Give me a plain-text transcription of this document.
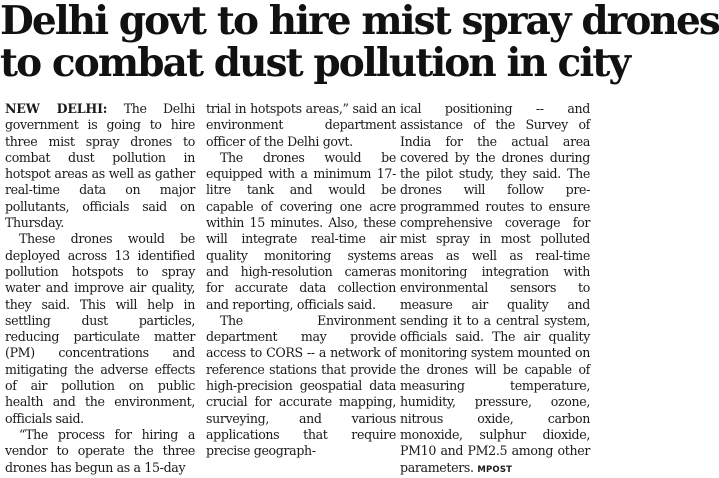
Delhi govt to hire mist spray drones
to combat dust pollution in city
NEW DELHI: The Delhi government is going to hire three mist spray drones to combat dust pollution in hotspot areas as well as gather real-time data on major pollutants, officials said on Thursday.
These drones would be deployed across 13 identified pollution hotspots to spray water and improve air quality, they said. This will help in settling dust particles, reducing particulate matter (PM) concentrations and mitigating the adverse effects of air pollution on public health and the environment, officials said.
“The process for hiring a vendor to operate the three drones has begun as a 15-day
trial in hotspots areas,” said an environment department officer of the Delhi govt.
The drones would be equipped with a minimum 17-litre tank and would be capable of covering one acre within 15 minutes. Also, these will integrate real-time air quality monitoring systems and high-resolution cameras for accurate data collection and reporting, officials said.
The Environment department may provide access to CORS -- a network of reference stations that provide high-precision geospatial data crucial for accurate mapping, surveying, and various applications that require precise geograph-
ical positioning -- and assistance of the Survey of India for the actual area covered by the drones during the pilot study, they said. The drones will follow pre-programmed routes to ensure comprehensive coverage for mist spray in most polluted areas as well as real-time monitoring integration with environmental sensors to measure air quality and sending it to a central system, officials said. The air quality monitoring system mounted on the drones will be capable of measuring temperature, humidity, pressure, ozone, nitrous oxide, carbon monoxide, sulphur dioxide, PM10 and PM2.5 among other parameters. MPOST
